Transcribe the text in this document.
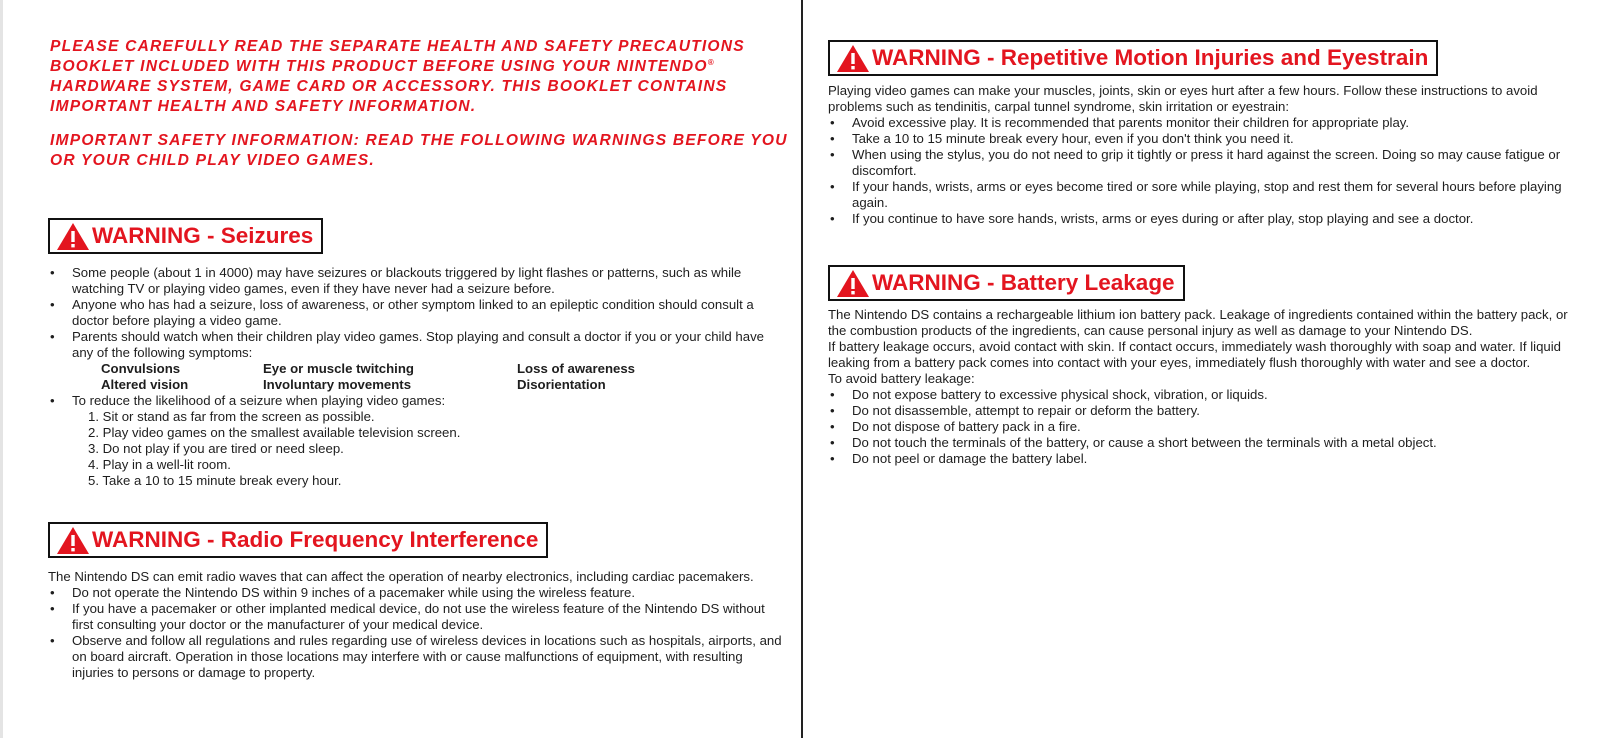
PLEASE CAREFULLY READ THE SEPARATE HEALTH AND SAFETY PRECAUTIONS BOOKLET INCLUDED WITH THIS PRODUCT BEFORE USING YOUR NINTENDO® HARDWARE SYSTEM, GAME CARD OR ACCESSORY. THIS BOOKLET CONTAINS IMPORTANT HEALTH AND SAFETY INFORMATION.

IMPORTANT SAFETY INFORMATION: READ THE FOLLOWING WARNINGS BEFORE YOU OR YOUR CHILD PLAY VIDEO GAMES.

WARNING - Seizures
• Some people (about 1 in 4000) may have seizures or blackouts triggered by light flashes or patterns, such as while watching TV or playing video games, even if they have never had a seizure before.
• Anyone who has had a seizure, loss of awareness, or other symptom linked to an epileptic condition should consult a doctor before playing a video game.
• Parents should watch when their children play video games. Stop playing and consult a doctor if you or your child have any of the following symptoms:
Convulsions	Eye or muscle twitching	Loss of awareness
Altered vision	Involuntary movements	Disorientation
• To reduce the likelihood of a seizure when playing video games:
1. Sit or stand as far from the screen as possible.
2. Play video games on the smallest available television screen.
3. Do not play if you are tired or need sleep.
4. Play in a well-lit room.
5. Take a 10 to 15 minute break every hour.
WARNING - Radio Frequency Interference

The Nintendo DS can emit radio waves that can affect the operation of nearby electronics, including cardiac pacemakers.

• Do not operate the Nintendo DS within 9 inches of a pacemaker while using the wireless feature.
• If you have a pacemaker or other implanted medical device, do not use the wireless feature of the Nintendo DS without first consulting your doctor or the manufacturer of your medical device.
• Observe and follow all regulations and rules regarding use of wireless devices in locations such as hospitals, airports, and on board aircraft. Operation in those locations may interfere with or cause malfunctions of equipment, with resulting injuries to persons or damage to property.
WARNING - Repetitive Motion Injuries and Eyestrain

Playing video games can make your muscles, joints, skin or eyes hurt after a few hours. Follow these instructions to avoid problems such as tendinitis, carpal tunnel syndrome, skin irritation or eyestrain:

• Avoid excessive play. It is recommended that parents monitor their children for appropriate play.
• Take a 10 to 15 minute break every hour, even if you don't think you need it.
• When using the stylus, you do not need to grip it tightly or press it hard against the screen. Doing so may cause fatigue or discomfort.
• If your hands, wrists, arms or eyes become tired or sore while playing, stop and rest them for several hours before playing again.
• If you continue to have sore hands, wrists, arms or eyes during or after play, stop playing and see a doctor.
WARNING - Battery Leakage

The Nintendo DS contains a rechargeable lithium ion battery pack. Leakage of ingredients contained within the battery pack, or the combustion products of the ingredients, can cause personal injury as well as damage to your Nintendo DS.

If battery leakage occurs, avoid contact with skin. If contact occurs, immediately wash thoroughly with soap and water. If liquid leaking from a battery pack comes into contact with your eyes, immediately flush thoroughly with water and see a doctor.

To avoid battery leakage:

• Do not expose battery to excessive physical shock, vibration, or liquids.
• Do not disassemble, attempt to repair or deform the battery.
• Do not dispose of battery pack in a fire.
• Do not touch the terminals of the battery, or cause a short between the terminals with a metal object.
• Do not peel or damage the battery label.
